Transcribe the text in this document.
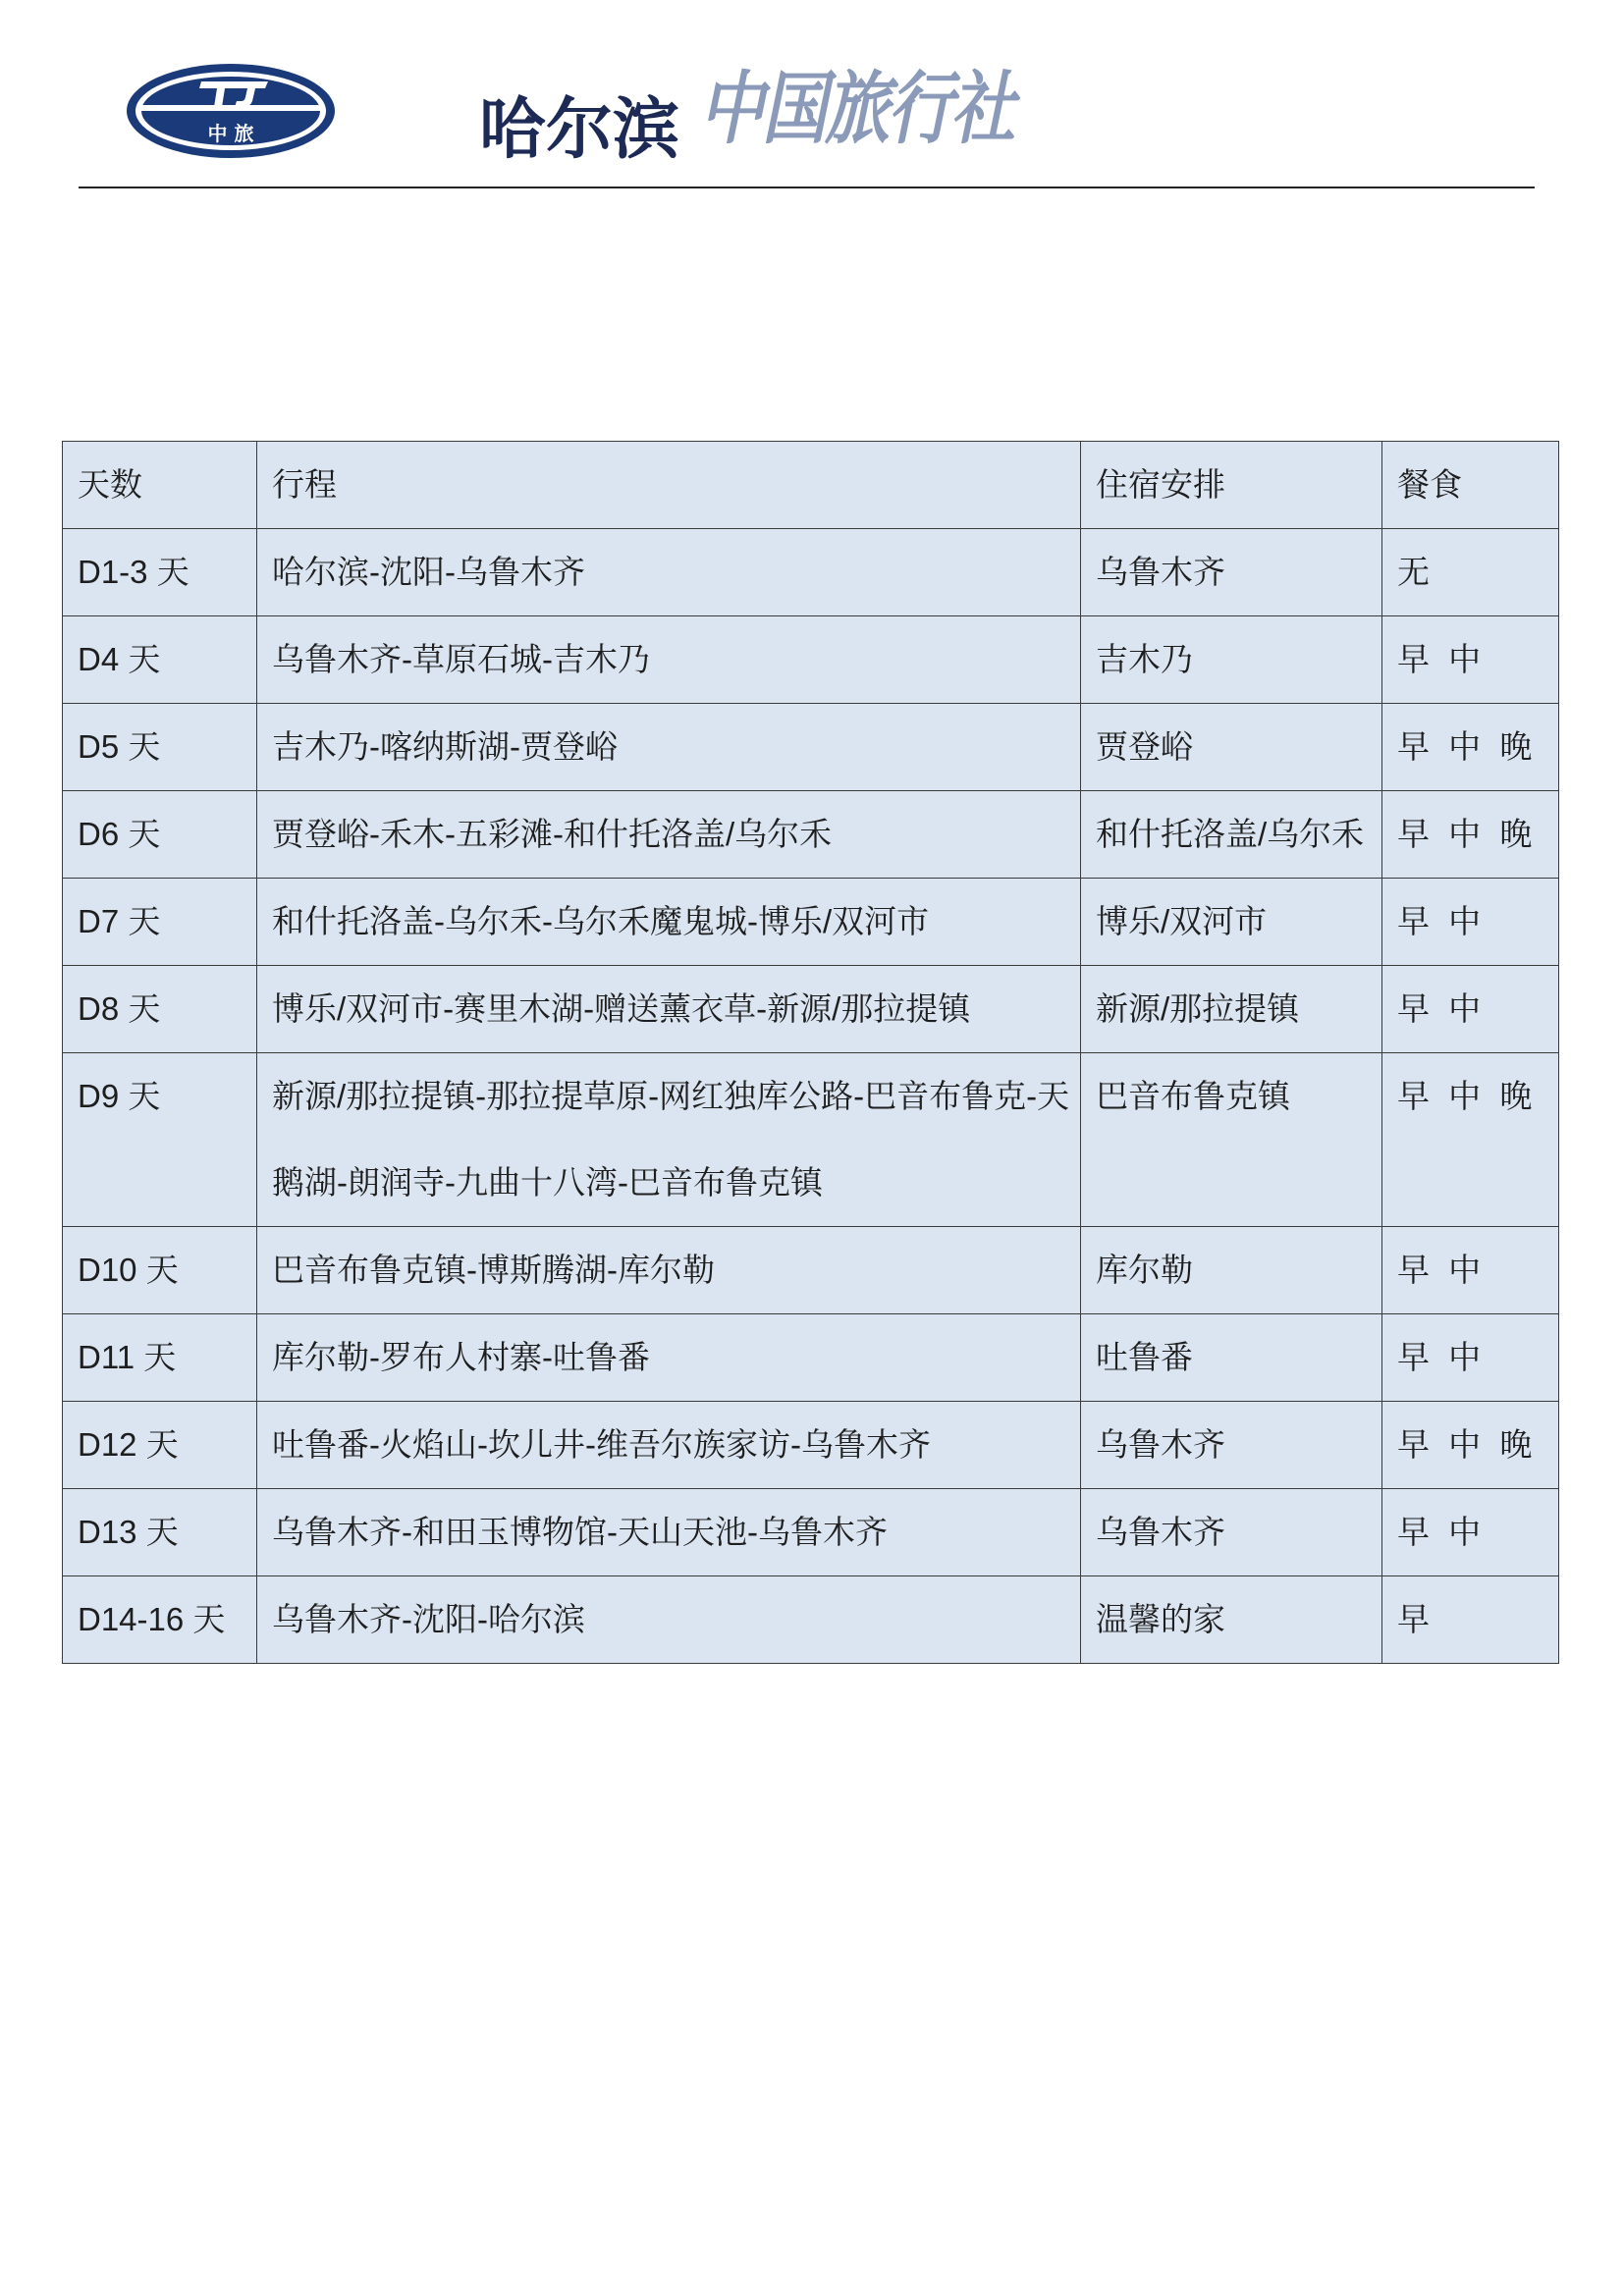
中 旅	哈尔滨 中国旅行社
天数	行程	住宿安排	餐食
D1-3 天	哈尔滨-沈阳-乌鲁木齐	乌鲁木齐	无
D4 天	乌鲁木齐-草原石城-吉木乃	吉木乃	早 中
D5 天	吉木乃-喀纳斯湖-贾登峪	贾登峪	早 中 晚
D6 天	贾登峪-禾木-五彩滩-和什托洛盖/乌尔禾	和什托洛盖/乌尔禾	早 中 晚
D7 天	和什托洛盖-乌尔禾-乌尔禾魔鬼城-博乐/双河市	博乐/双河市	早 中
D8 天	博乐/双河市-赛里木湖-赠送薰衣草-新源/那拉提镇	新源/那拉提镇	早 中
D9 天	新源/那拉提镇-那拉提草原-网红独库公路-巴音布鲁克-天鹅湖-朗润寺-九曲十八湾-巴音布鲁克镇	巴音布鲁克镇	早 中 晚
D10 天	巴音布鲁克镇-博斯腾湖-库尔勒	库尔勒	早 中
D11 天	库尔勒-罗布人村寨-吐鲁番	吐鲁番	早 中
D12 天	吐鲁番-火焰山-坎儿井-维吾尔族家访-乌鲁木齐	乌鲁木齐	早 中 晚
D13 天	乌鲁木齐-和田玉博物馆-天山天池-乌鲁木齐	乌鲁木齐	早 中
D14-16 天	乌鲁木齐-沈阳-哈尔滨	温馨的家	早
